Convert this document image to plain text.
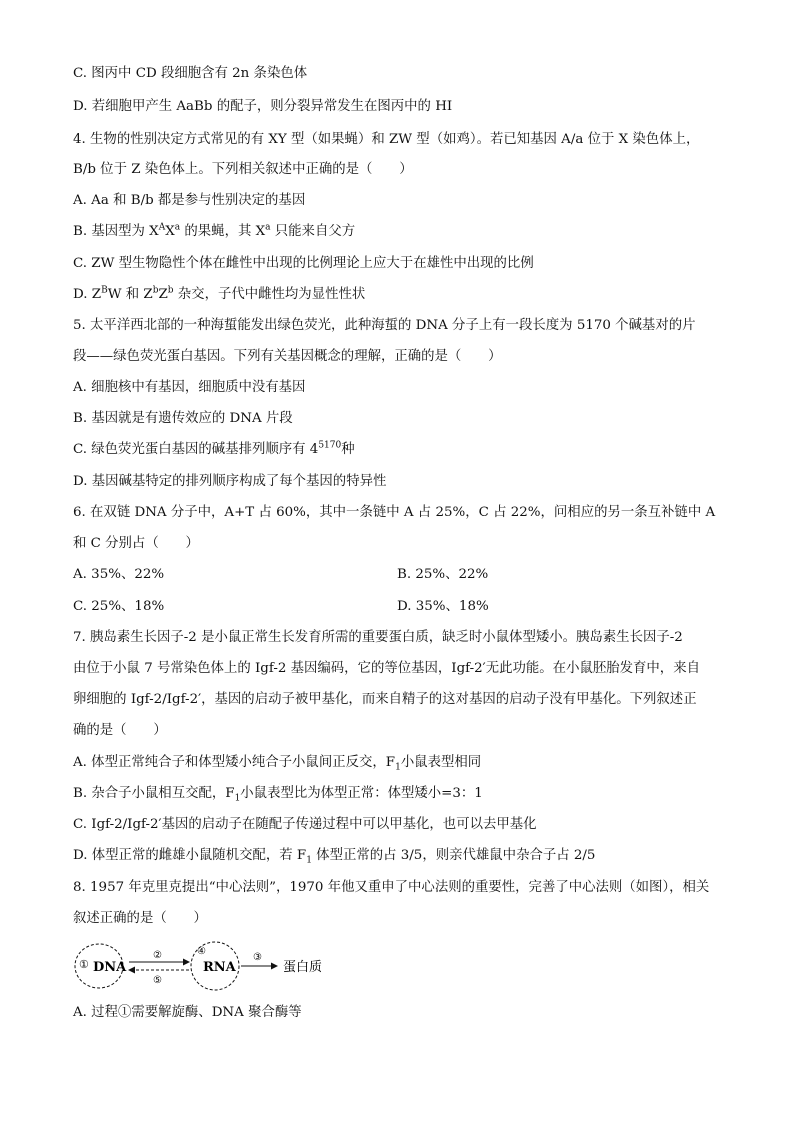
C. 图丙中 CD 段细胞含有 2n 条染色体
D. 若细胞甲产生 AaBb 的配子，则分裂异常发生在图丙中的 HI
4. 生物的性别决定方式常见的有 XY 型（如果蝇）和 ZW 型（如鸡）。若已知基因 A/a 位于 X 染色体上，
B/b 位于 Z 染色体上。下列相关叙述中正确的是（　　）
A. Aa 和 B/b 都是参与性别决定的基因
B. 基因型为 $X^AX^a$ 的果蝇，其 $X^a$ 只能来自父方
C. ZW 型生物隐性个体在雌性中出现的比例理论上应大于在雄性中出现的比例
D. $Z^BW$ 和 $Z^bZ^b$ 杂交，子代中雌性均为显性性状
5. 太平洋西北部的一种海蜇能发出绿色荧光，此种海蜇的 DNA 分子上有一段长度为 5170 个碱基对的片
段——绿色荧光蛋白基因。下列有关基因概念的理解，正确的是（　　）
A. 细胞核中有基因，细胞质中没有基因
B. 基因就是有遗传效应的 DNA 片段
C. 绿色荧光蛋白基因的碱基排列顺序有 $4^{5170}$种
D. 基因碱基特定的排列顺序构成了每个基因的特异性
6. 在双链 DNA 分子中，A+T 占 60%，其中一条链中 A 占 25%，C 占 22%，问相应的另一条互补链中 A
和 C 分别占（　　）
A. 35%、22%	B. 25%、22%
C. 25%、18%	D. 35%、18%
7. 胰岛素生长因子-2 是小鼠正常生长发育所需的重要蛋白质，缺乏时小鼠体型矮小。胰岛素生长因子-2
由位于小鼠 7 号常染色体上的 Igf-2 基因编码，它的等位基因，Igf-2′无此功能。在小鼠胚胎发育中，来自
卵细胞的 Igf-2/Igf-2′，基因的启动子被甲基化，而来自精子的这对基因的启动子没有甲基化。下列叙述正
确的是（　　）
A. 体型正常纯合子和体型矮小纯合子小鼠间正反交，$F_1$小鼠表型相同
B. 杂合子小鼠相互交配，$F_1$小鼠表型比为体型正常：体型矮小=3：1
C. Igf-2/Igf-2′基因的启动子在随配子传递过程中可以甲基化，也可以去甲基化
D. 体型正常的雌雄小鼠随机交配，若 $F_1$ 体型正常的占 3/5，则亲代雄鼠中杂合子占 2/5
8. 1957 年克里克提出“中心法则”，1970 年他又重申了中心法则的重要性，完善了中心法则（如图），相关
叙述正确的是（　　）
① DNA
②
⑤
④
RNA
③
蛋白质
A. 过程①需要解旋酶、DNA 聚合酶等
